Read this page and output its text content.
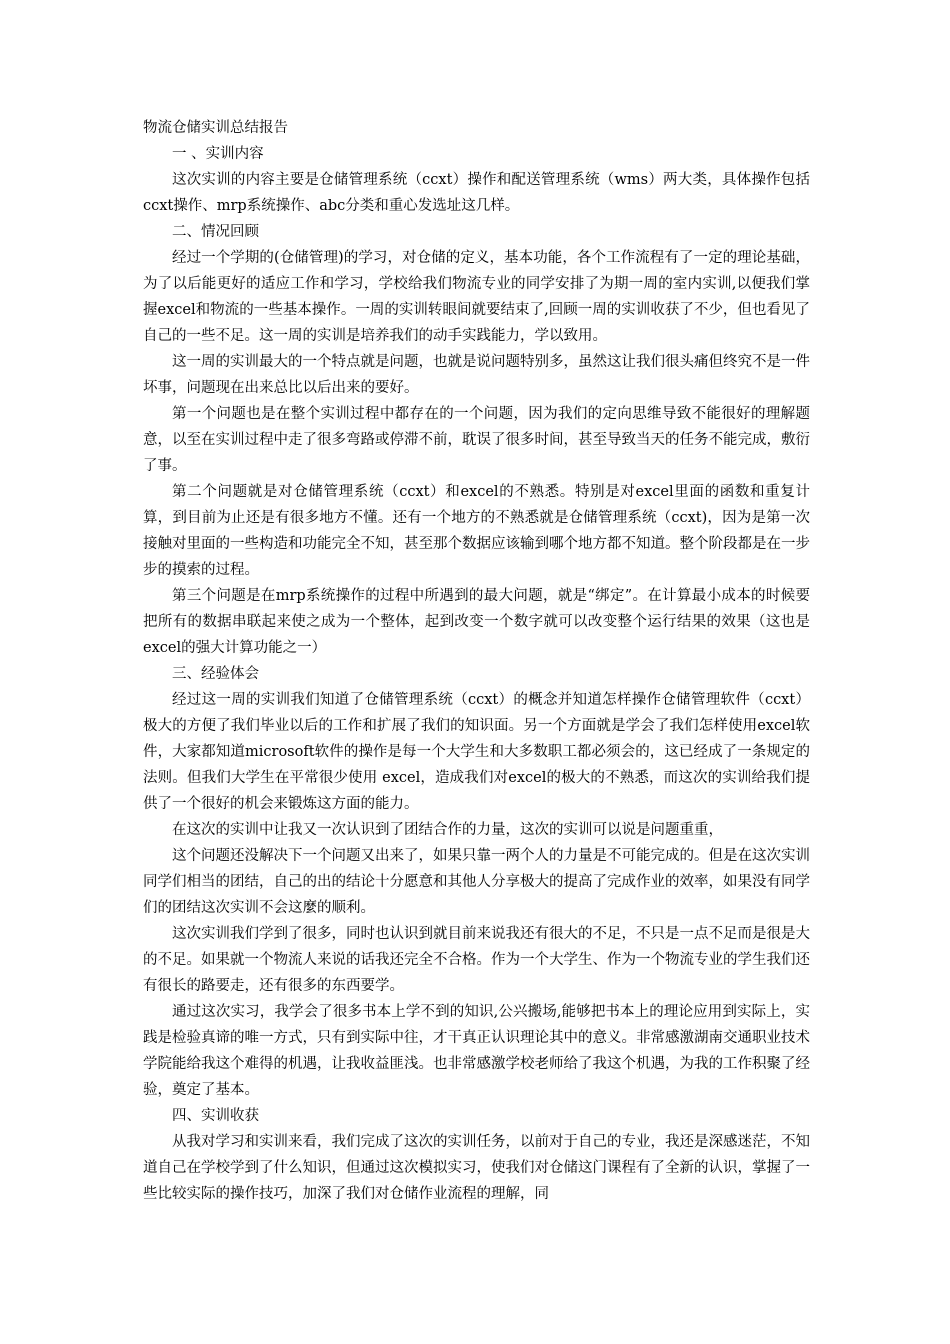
物流仓储实训总结报告

一 、实训内容

这次实训的内容主要是仓储管理系统（ccxt）操作和配送管理系统（wms）两大类，具体操作包括ccxt操作、mrp系统操作、abc分类和重心发选址这几样。

二、情况回顾

经过一个学期的(仓储管理)的学习，对仓储的定义，基本功能，各个工作流程有了一定的理论基础，为了以后能更好的适应工作和学习，学校给我们物流专业的同学安排了为期一周的室内实训,以便我们掌握excel和物流的一些基本操作。一周的实训转眼间就要结束了,回顾一周的实训收获了不少，但也看见了自己的一些不足。这一周的实训是培养我们的动手实践能力，学以致用。

这一周的实训最大的一个特点就是问题，也就是说问题特别多，虽然这让我们很头痛但终究不是一件坏事，问题现在出来总比以后出来的要好。

第一个问题也是在整个实训过程中都存在的一个问题，因为我们的定向思维导致不能很好的理解题意，以至在实训过程中走了很多弯路或停滞不前，耽误了很多时间，甚至导致当天的任务不能完成，敷衍了事。

第二个问题就是对仓储管理系统（ccxt）和excel的不熟悉。特别是对excel里面的函数和重复计算，到目前为止还是有很多地方不懂。还有一个地方的不熟悉就是仓储管理系统（ccxt)，因为是第一次接触对里面的一些构造和功能完全不知，甚至那个数据应该输到哪个地方都不知道。整个阶段都是在一步步的摸索的过程。

第三个问题是在mrp系统操作的过程中所遇到的最大问题，就是“绑定”。在计算最小成本的时候要把所有的数据串联起来使之成为一个整体，起到改变一个数字就可以改变整个运行结果的效果（这也是excel的强大计算功能之一）

三、经验体会

经过这一周的实训我们知道了仓储管理系统（ccxt）的概念并知道怎样操作仓储管理软件（ccxt）极大的方便了我们毕业以后的工作和扩展了我们的知识面。另一个方面就是学会了我们怎样使用excel软件，大家都知道microsoft软件的操作是每一个大学生和大多数职工都必须会的，这已经成了一条规定的法则。但我们大学生在平常很少使用 excel，造成我们对excel的极大的不熟悉，而这次的实训给我们提供了一个很好的机会来锻炼这方面的能力。

在这次的实训中让我又一次认识到了团结合作的力量，这次的实训可以说是问题重重，

这个问题还没解决下一个问题又出来了，如果只靠一两个人的力量是不可能完成的。但是在这次实训同学们相当的团结，自己的出的结论十分愿意和其他人分享极大的提高了完成作业的效率，如果没有同学们的团结这次实训不会这麼的顺利。

这次实训我们学到了很多，同时也认识到就目前来说我还有很大的不足，不只是一点不足而是很是大的不足。如果就一个物流人来说的话我还完全不合格。作为一个大学生、作为一个物流专业的学生我们还有很长的路要走，还有很多的东西要学。

通过这次实习，我学会了很多书本上学不到的知识,公兴搬场,能够把书本上的理论应用到实际上，实践是检验真谛的唯一方式，只有到实际中往，才干真正认识理论其中的意义。非常感激湖南交通职业技术学院能给我这个难得的机遇，让我收益匪浅。也非常感激学校老师给了我这个机遇，为我的工作积聚了经验，奠定了基本。

四、实训收获

从我对学习和实训来看，我们完成了这次的实训任务，以前对于自己的专业，我还是深感迷茫，不知道自己在学校学到了什么知识，但通过这次模拟实习，使我们对仓储这门课程有了全新的认识，掌握了一些比较实际的操作技巧，加深了我们对仓储作业流程的理解，同
